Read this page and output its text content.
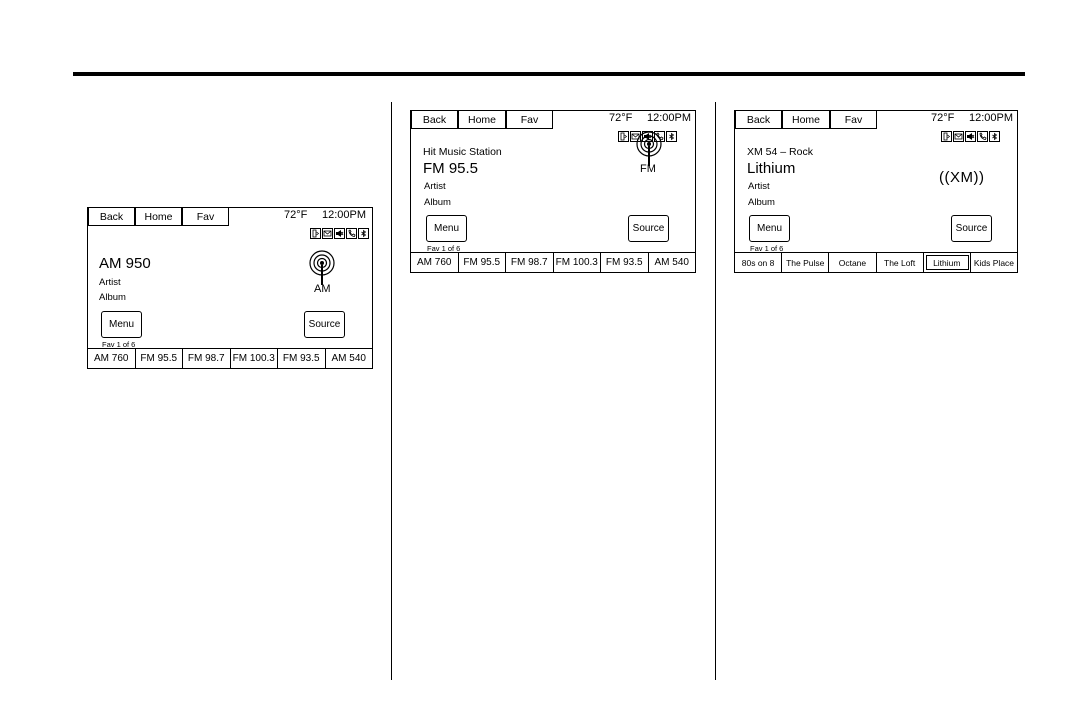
Back	Home	Fav	72°F 12:00PM
AM 950
Artist
Album
AM
Menu	Source
Fav 1 of 6
AM 760	FM 95.5	FM 98.7 FM 100.3 FM 93.5	AM 540
Back	Home	Fav	72°F 12:00PM
Hit Music Station
FM 95.5
Artist
Album
FM
Menu	Source
Fav 1 of 6
AM 760	FM 95.5	FM 98.7 FM 100.3 FM 93.5	AM 540
Back	Home	Fav	72°F 12:00PM
XM 54 – Rock
Lithium
Artist
Album
((XM))
Menu	Source
Fav 1 of 6
80s on 8	The Pulse	Octane	The Loft	Lithium	Kids Place
